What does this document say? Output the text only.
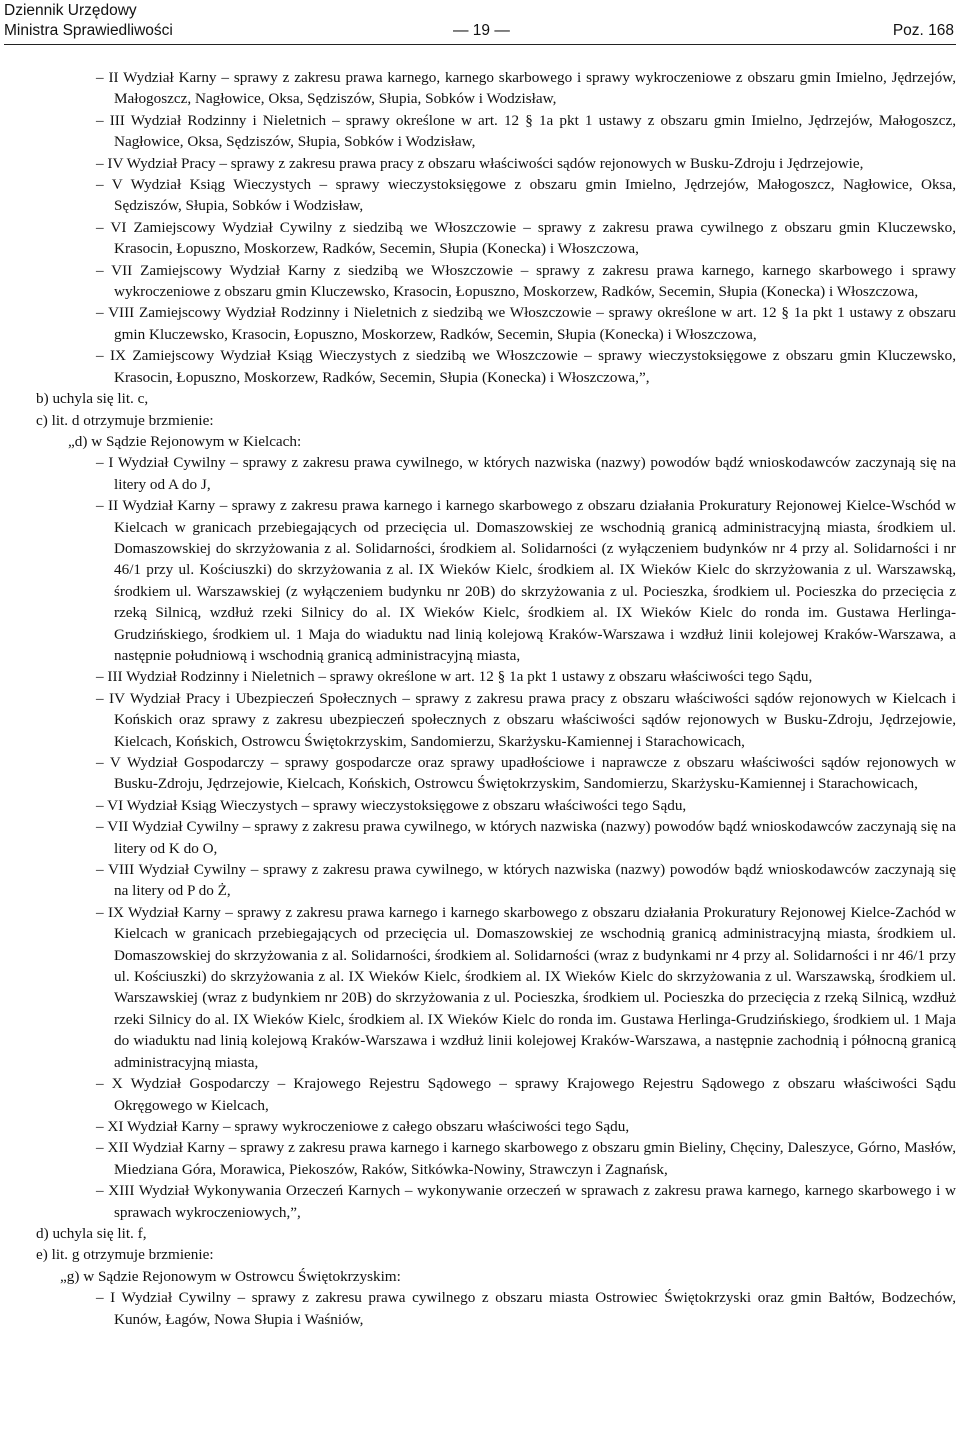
Dziennik Urzędowy
Ministra Sprawiedliwości	— 19 —	Poz. 168

– II Wydział Karny – sprawy z zakresu prawa karnego, karnego skarbowego i sprawy wykroczeniowe z obszaru gmin Imielno, Jędrzejów, Małogoszcz, Nagłowice, Oksa, Sędziszów, Słupia, Sobków i Wodzisław,

– III Wydział Rodzinny i Nieletnich – sprawy określone w art. 12 § 1a pkt 1 ustawy z obszaru gmin Imielno, Jędrzejów, Małogoszcz, Nagłowice, Oksa, Sędziszów, Słupia, Sobków i Wodzisław,

– IV Wydział Pracy – sprawy z zakresu prawa pracy z obszaru właściwości sądów rejonowych w Busku-Zdroju i Jędrzejowie,

– V Wydział Ksiąg Wieczystych – sprawy wieczystoksięgowe z obszaru gmin Imielno, Jędrzejów, Małogoszcz, Nagłowice, Oksa, Sędziszów, Słupia, Sobków i Wodzisław,

– VI Zamiejscowy Wydział Cywilny z siedzibą we Włoszczowie – sprawy z zakresu prawa cywilnego z obszaru gmin Kluczewsko, Krasocin, Łopuszno, Moskorzew, Radków, Secemin, Słupia (Konecka) i Włoszczowa,

– VII Zamiejscowy Wydział Karny z siedzibą we Włoszczowie – sprawy z zakresu prawa karnego, karnego skarbowego i sprawy wykroczeniowe z obszaru gmin Kluczewsko, Krasocin, Łopuszno, Moskorzew, Radków, Secemin, Słupia (Konecka) i Włoszczowa,

– VIII Zamiejscowy Wydział Rodzinny i Nieletnich z siedzibą we Włoszczowie – sprawy określone w art. 12 § 1a pkt 1 ustawy z obszaru gmin Kluczewsko, Krasocin, Łopuszno, Moskorzew, Radków, Secemin, Słupia (Konecka) i Włoszczowa,

– IX Zamiejscowy Wydział Ksiąg Wieczystych z siedzibą we Włoszczowie – sprawy wieczystoksięgowe z obszaru gmin Kluczewsko, Krasocin, Łopuszno, Moskorzew, Radków, Secemin, Słupia (Konecka) i Włoszczowa,”,

b) uchyla się lit. c,

c) lit. d otrzymuje brzmienie:

„d) w Sądzie Rejonowym w Kielcach:

– I Wydział Cywilny – sprawy z zakresu prawa cywilnego, w których nazwiska (nazwy) powodów bądź wnioskodawców zaczynają się na litery od A do J,

– II Wydział Karny – sprawy z zakresu prawa karnego i karnego skarbowego z obszaru działania Prokuratury Rejonowej Kielce-Wschód w Kielcach w granicach przebiegających od przecięcia ul. Domaszowskiej ze wschodnią granicą administracyjną miasta, środkiem ul. Domaszowskiej do skrzyżowania z al. Solidarności, środkiem al. Solidarności (z wyłączeniem budynków nr 4 przy al. Solidarności i nr 46/1 przy ul. Kościuszki) do skrzyżowania z al. IX Wieków Kielc, środkiem al. IX Wieków Kielc do skrzyżowania z ul. Warszawską, środkiem ul. Warszawskiej (z wyłączeniem budynku nr 20B) do skrzyżowania z ul. Pocieszka, środkiem ul. Pocieszka do przecięcia z rzeką Silnicą, wzdłuż rzeki Silnicy do al. IX Wieków Kielc, środkiem al. IX Wieków Kielc do ronda im. Gustawa Herlinga-Grudzińskiego, środkiem ul. 1 Maja do wiaduktu nad linią kolejową Kraków-Warszawa i wzdłuż linii kolejowej Kraków-Warszawa, a następnie południową i wschodnią granicą administracyjną miasta,

– III Wydział Rodzinny i Nieletnich – sprawy określone w art. 12 § 1a pkt 1 ustawy z obszaru właściwości tego Sądu,

– IV Wydział Pracy i Ubezpieczeń Społecznych – sprawy z zakresu prawa pracy z obszaru właściwości sądów rejonowych w Kielcach i Końskich oraz sprawy z zakresu ubezpieczeń społecznych z obszaru właściwości sądów rejonowych w Busku-Zdroju, Jędrzejowie, Kielcach, Końskich, Ostrowcu Świętokrzyskim, Sandomierzu, Skarżysku-Kamiennej i Starachowicach,

– V Wydział Gospodarczy – sprawy gospodarcze oraz sprawy upadłościowe i naprawcze z obszaru właściwości sądów rejonowych w Busku-Zdroju, Jędrzejowie, Kielcach, Końskich, Ostrowcu Świętokrzyskim, Sandomierzu, Skarżysku-Kamiennej i Starachowicach,

– VI Wydział Ksiąg Wieczystych – sprawy wieczystoksięgowe z obszaru właściwości tego Sądu,

– VII Wydział Cywilny – sprawy z zakresu prawa cywilnego, w których nazwiska (nazwy) powodów bądź wnioskodawców zaczynają się na litery od K do O,

– VIII Wydział Cywilny – sprawy z zakresu prawa cywilnego, w których nazwiska (nazwy) powodów bądź wnioskodawców zaczynają się na litery od P do Ż,

– IX Wydział Karny – sprawy z zakresu prawa karnego i karnego skarbowego z obszaru działania Prokuratury Rejonowej Kielce-Zachód w Kielcach w granicach przebiegających od przecięcia ul. Domaszowskiej ze wschodnią granicą administracyjną miasta, środkiem ul. Domaszowskiej do skrzyżowania z al. Solidarności, środkiem al. Solidarności (wraz z budynkami nr 4 przy al. Solidarności i nr 46/1 przy ul. Kościuszki) do skrzyżowania z al. IX Wieków Kielc, środkiem al. IX Wieków Kielc do skrzyżowania z ul. Warszawską, środkiem ul. Warszawskiej (wraz z budynkiem nr 20B) do skrzyżowania z ul. Pocieszka, środkiem ul. Pocieszka do przecięcia z rzeką Silnicą, wzdłuż rzeki Silnicy do al. IX Wieków Kielc, środkiem al. IX Wieków Kielc do ronda im. Gustawa Herlinga-Grudzińskiego, środkiem ul. 1 Maja do wiaduktu nad linią kolejową Kraków-Warszawa i wzdłuż linii kolejowej Kraków-Warszawa, a następnie zachodnią i północną granicą administracyjną miasta,

– X Wydział Gospodarczy – Krajowego Rejestru Sądowego – sprawy Krajowego Rejestru Sądowego z obszaru właściwości Sądu Okręgowego w Kielcach,

– XI Wydział Karny – sprawy wykroczeniowe z całego obszaru właściwości tego Sądu,

– XII Wydział Karny – sprawy z zakresu prawa karnego i karnego skarbowego z obszaru gmin Bieliny, Chęciny, Daleszyce, Górno, Masłów, Miedziana Góra, Morawica, Piekoszów, Raków, Sitkówka-Nowiny, Strawczyn i Zagnańsk,

– XIII Wydział Wykonywania Orzeczeń Karnych – wykonywanie orzeczeń w sprawach z zakresu prawa karnego, karnego skarbowego i w sprawach wykroczeniowych,”,

d) uchyla się lit. f,

e) lit. g otrzymuje brzmienie:

„g) w Sądzie Rejonowym w Ostrowcu Świętokrzyskim:

– I Wydział Cywilny – sprawy z zakresu prawa cywilnego z obszaru miasta Ostrowiec Świętokrzyski oraz gmin Bałtów, Bodzechów, Kunów, Łagów, Nowa Słupia i Waśniów,
